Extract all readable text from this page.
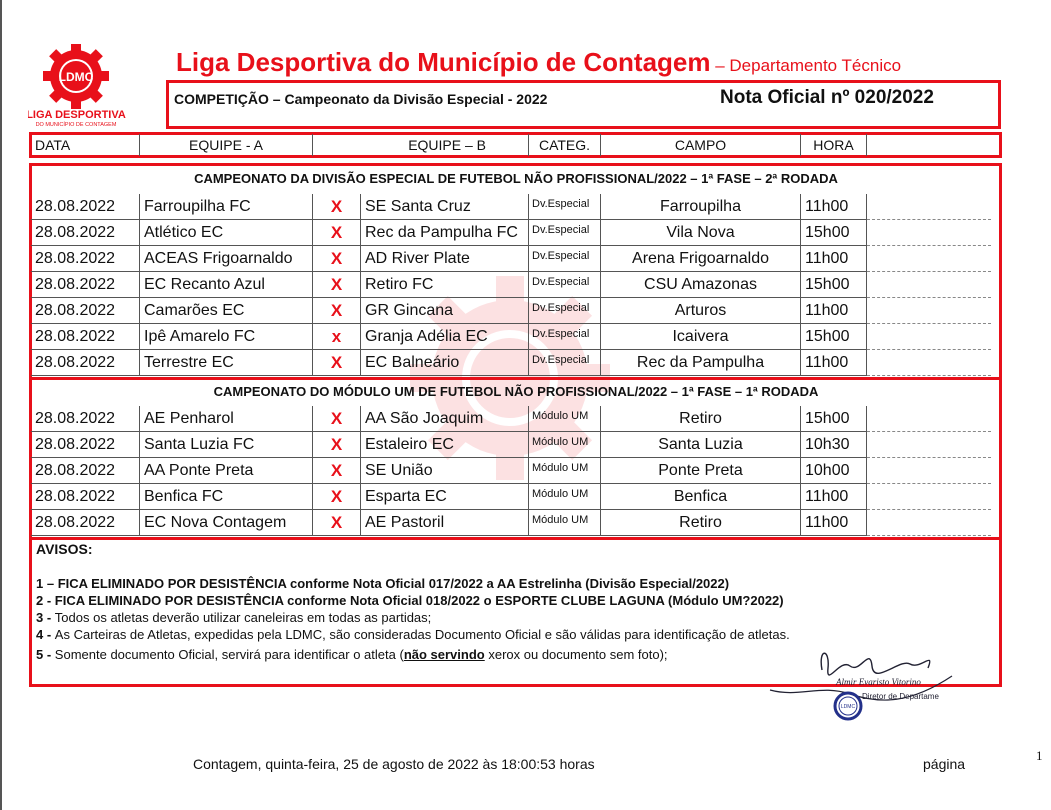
LDMC
LIGA DESPORTIVA
DO MUNICÍPIO DE CONTAGEM
Liga Desportiva do Município de Contagem – Departamento Técnico
COMPETIÇÃO – Campeonato da Divisão Especial - 2022	Nota Oficial nº 020/2022
DATA	EQUIPE - A	EQUIPE – B	CATEG.	CAMPO	HORA
CAMPEONATO DA DIVISÃO ESPECIAL DE FUTEBOL NÃO PROFISSIONAL/2022 – 1ª FASE – 2ª RODADA
CAMPEONATO DO MÓDULO UM DE FUTEBOL NÃO PROFISSIONAL/2022 – 1ª FASE – 1ª RODADA
28.08.2022	Farroupilha FC	X	SE Santa Cruz	Dv.Especial	Farroupilha	11h00
28.08.2022	Atlético EC	X	Rec da Pampulha FC	Dv.Especial	Vila Nova	15h00
28.08.2022	ACEAS Frigoarnaldo	X	AD River Plate	Dv.Especial	Arena Frigoarnaldo	11h00
28.08.2022	EC Recanto Azul	X	Retiro FC	Dv.Especial	CSU Amazonas	15h00
28.08.2022	Camarões EC	X	GR Gincana	Dv.Especial	Arturos	11h00
28.08.2022	Ipê Amarelo FC	x	Granja Adélia EC	Dv.Especial	Icaivera	15h00
28.08.2022	Terrestre EC	X	EC Balneário	Dv.Especial	Rec da Pampulha	11h00
28.08.2022	AE Penharol	X	AA São Joaquim	Módulo UM	Retiro	15h00
28.08.2022	Santa Luzia FC	X	Estaleiro EC	Módulo UM	Santa Luzia	10h30
28.08.2022	AA Ponte Preta	X	SE União	Módulo UM	Ponte Preta	10h00
28.08.2022	Benfica FC	X	Esparta EC	Módulo UM	Benfica	11h00
28.08.2022	EC Nova Contagem	X	AE Pastoril	Módulo UM	Retiro	11h00
AVISOS:
1 – FICA ELIMINADO POR DESISTÊNCIA conforme Nota Oficial 017/2022 a AA Estrelinha (Divisão Especial/2022)
2 - FICA ELIMINADO POR DESISTÊNCIA conforme Nota Oficial 018/2022 o ESPORTE CLUBE LAGUNA (Módulo UM?2022)
3 - Todos os atletas deverão utilizar caneleiras em todas as partidas;
4 - As Carteiras de Atletas, expedidas pela LDMC, são consideradas Documento Oficial e são válidas para identificação de atletas.
5 - Somente documento Oficial, servirá para identificar o atleta (não servindo xerox ou documento sem foto);
Almir Evaristo Vitorino
Diretor de Departame
LDMC
Contagem, quinta-feira, 25 de agosto de 2022 às 18:00:53 horas	página
1
